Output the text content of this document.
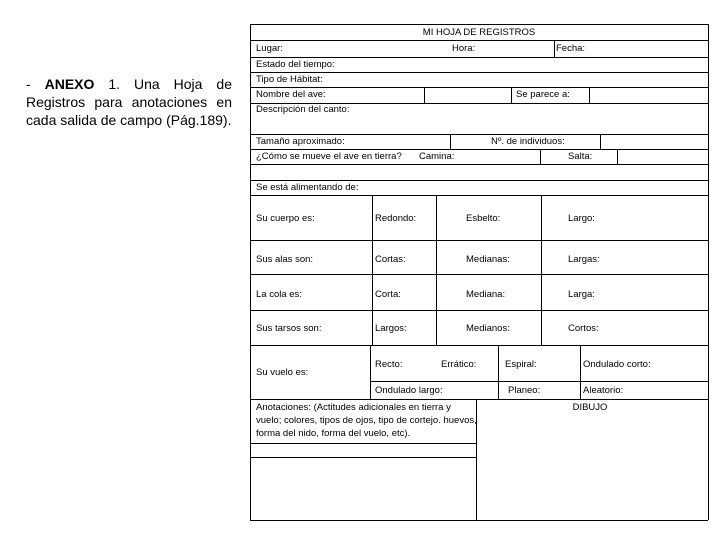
- ANEXO 1. Una Hoja de Registros para anotaciones en cada salida de campo (Pág.189).
MI HOJA DE REGISTROS
Lugar:	Hora:	Fecha:
Estado del tiempo:
Tipo de Hábitat:
Nombre del ave:	Se parece a:
Descripción del canto:
Tamaño aproximado:	Nº. de individuos:
¿Cómo se mueve el ave en tierra? Camina:	Salta:
Se está alimentando de:
Su cuerpo es:	Redondo:	Esbelto:	Largo:
Sus alas son:	Cortas:	Medianas:	Largas:
La cola es:	Corta:	Mediana:	Larga:
Sus tarsos son:	Largos:	Medianos:	Cortos:
Su vuelo es:
Recto:	Errático:	Espiral:	Ondulado corto:
Ondulado largo:	Planeo:	Aleatorio:
Anotaciones: (Actitudes adicionales en tierra y vuelo; colores, tipos de ojos, tipo de cortejo. huevos, forma del nido, forma del vuelo, etc).
DIBUJO
